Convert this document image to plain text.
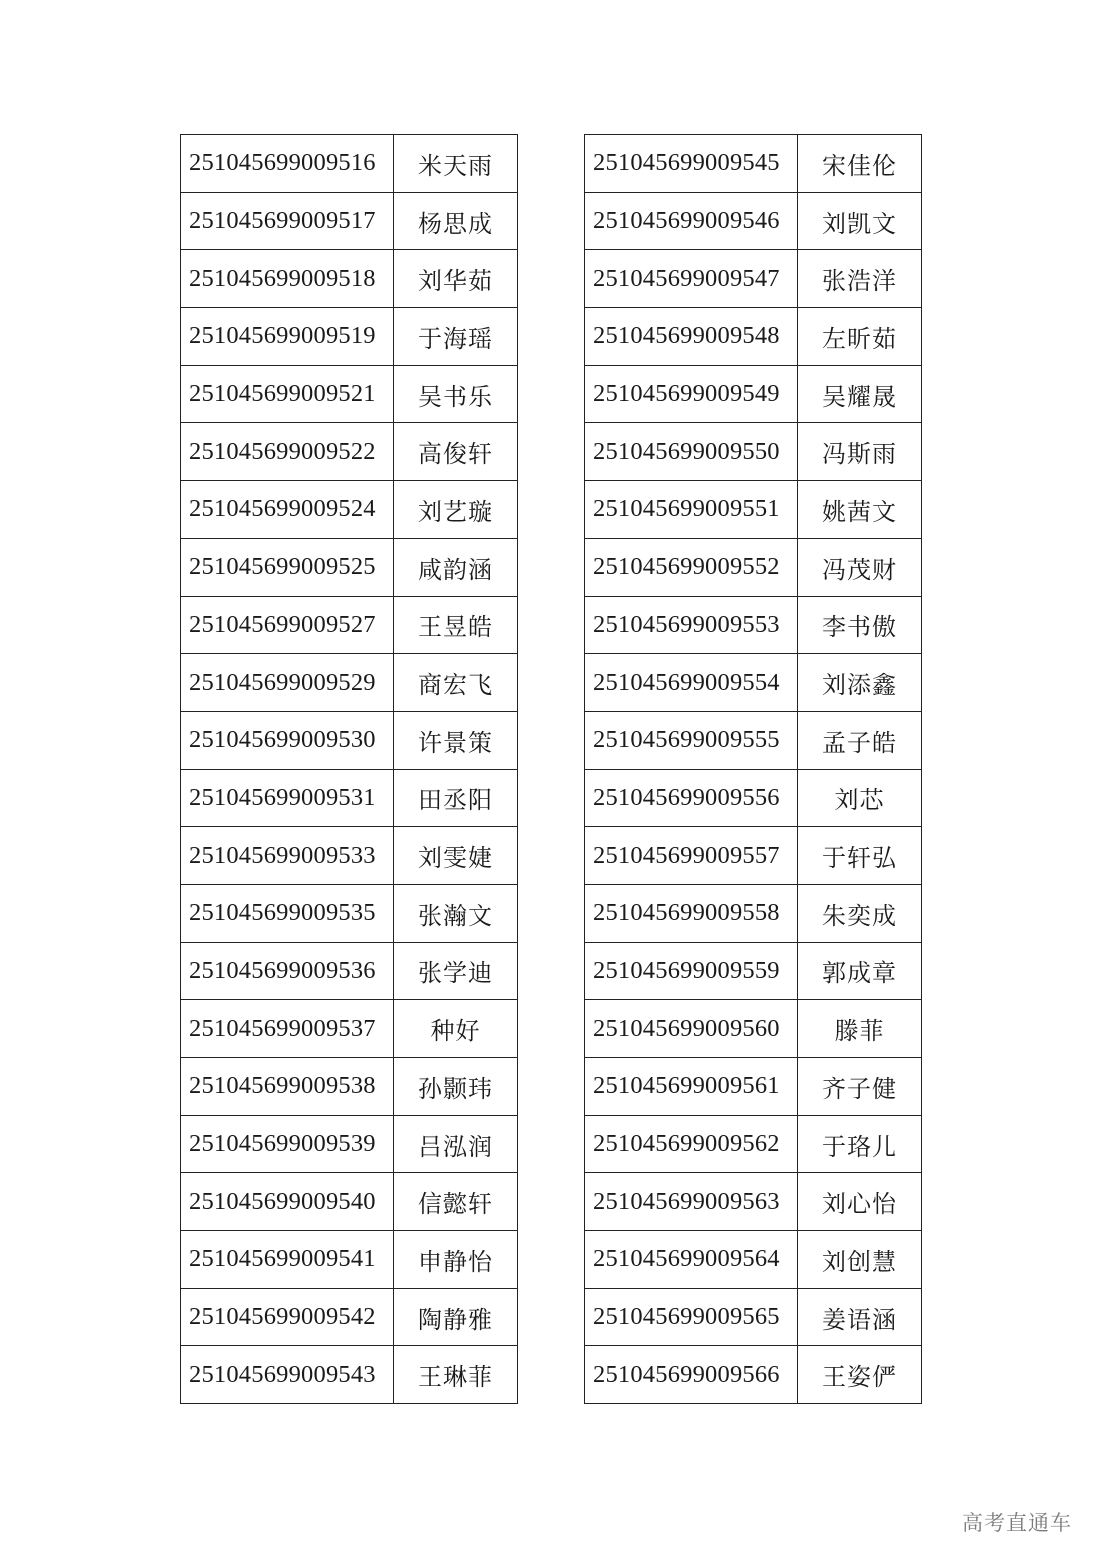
251045699009516	米天雨
251045699009517	杨思成
251045699009518	刘华茹
251045699009519	于海瑶
251045699009521	吴书乐
251045699009522	高俊轩
251045699009524	刘艺璇
251045699009525	咸韵涵
251045699009527	王昱皓
251045699009529	商宏飞
251045699009530	许景策
251045699009531	田丞阳
251045699009533	刘雯婕
251045699009535	张瀚文
251045699009536	张学迪
251045699009537	种好
251045699009538	孙颢玮
251045699009539	吕泓润
251045699009540	信懿轩
251045699009541	申静怡
251045699009542	陶静雅
251045699009543	王琳菲
251045699009545	宋佳伦
251045699009546	刘凯文
251045699009547	张浩洋
251045699009548	左昕茹
251045699009549	吴耀晟
251045699009550	冯斯雨
251045699009551	姚茜文
251045699009552	冯茂财
251045699009553	李书傲
251045699009554	刘添鑫
251045699009555	孟子皓
251045699009556	刘芯
251045699009557	于轩弘
251045699009558	朱奕成
251045699009559	郭成章
251045699009560	滕菲
251045699009561	齐子健
251045699009562	于珞儿
251045699009563	刘心怡
251045699009564	刘创慧
251045699009565	姜语涵
251045699009566	王姿俨
高考直通车
